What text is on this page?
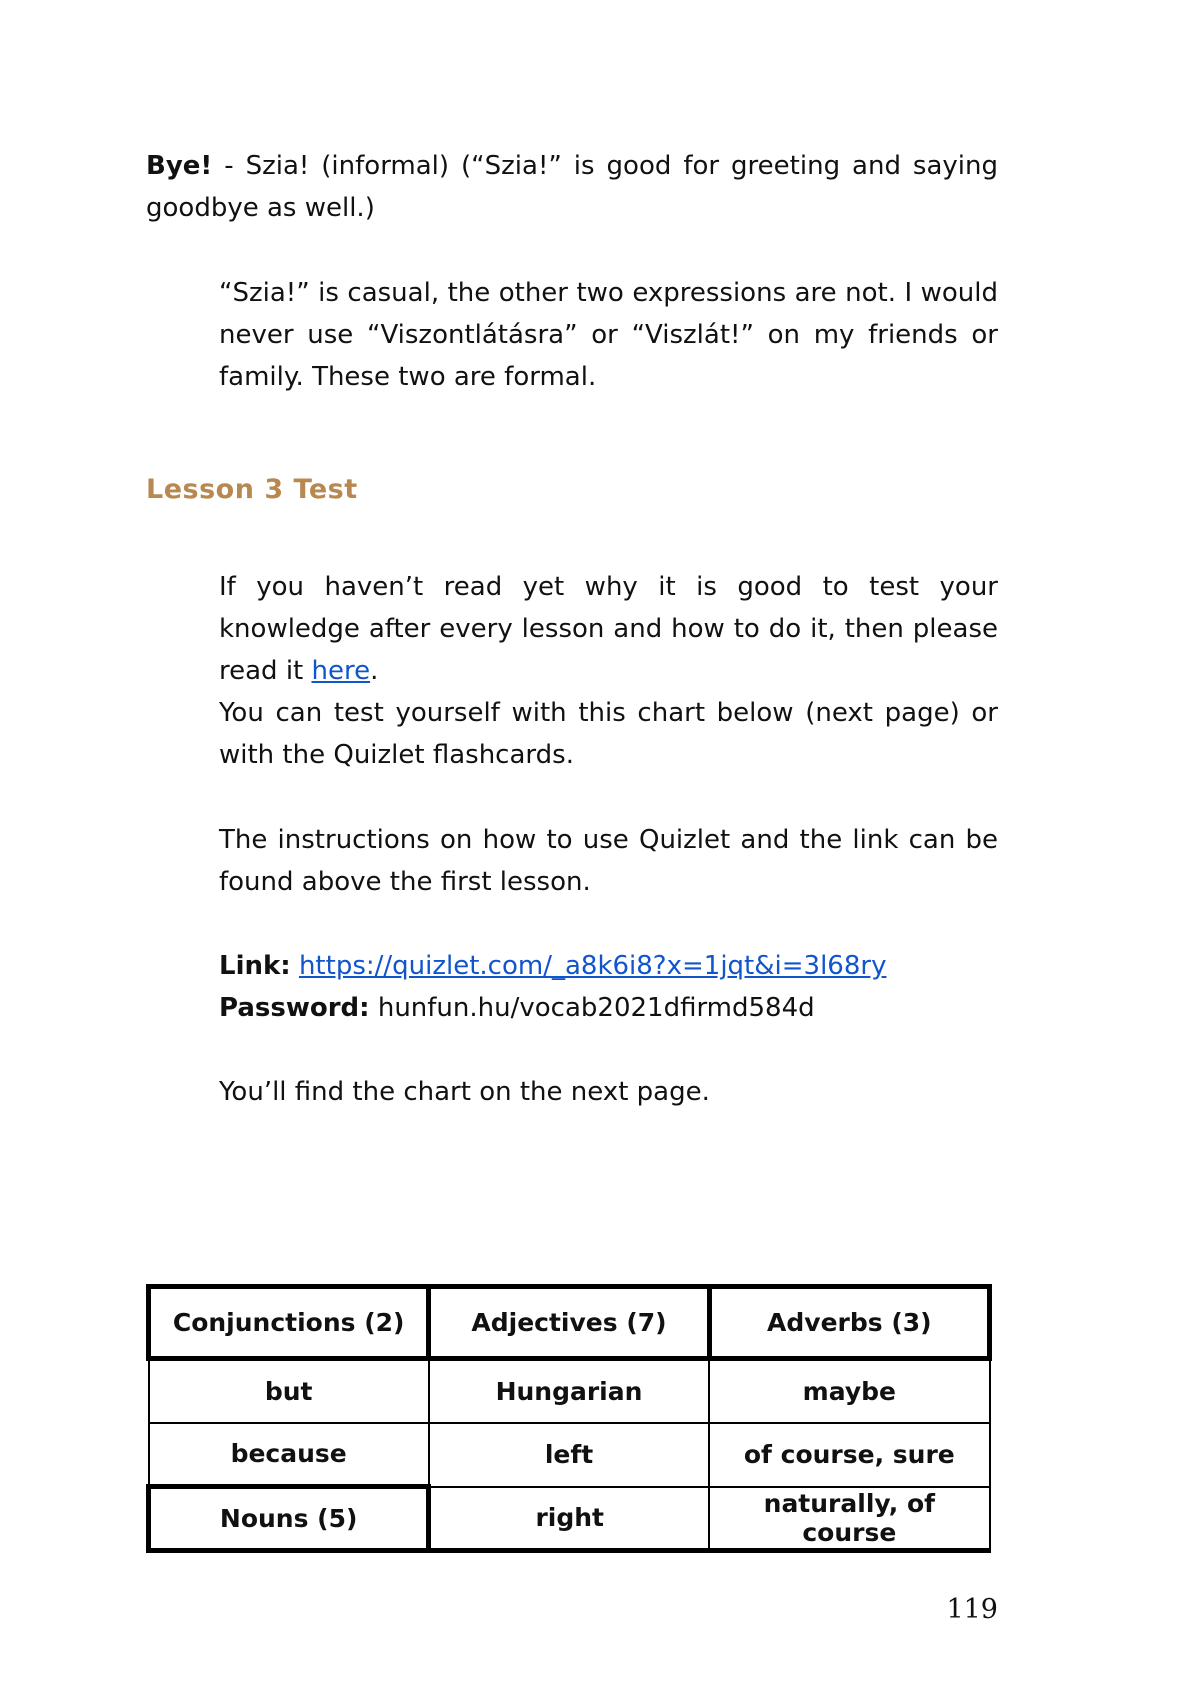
Bye! - Szia! (informal) (“Szia!” is good for greeting and saying goodbye as well.)

“Szia!” is casual, the other two expressions are not. I would never use “Viszontlátásra” or “Viszlát!” on my friends or family. These two are formal.

Lesson 3 Test

If you haven’t read yet why it is good to test your knowledge after every lesson and how to do it, then please read it here.

You can test yourself with this chart below (next page) or with the Quizlet flashcards.

The instructions on how to use Quizlet and the link can be found above the first lesson.

Link: https://quizlet.com/_a8k6i8?x=1jqt&i=3l68ry
Password: hunfun.hu/vocab2021dfirmd584d

You’ll find the chart on the next page.

Conjunctions (2)	Adjectives (7)	Adverbs (3)
but	Hungarian	maybe
because	left	of course, sure
Nouns (5)	right	naturally, of course
119
